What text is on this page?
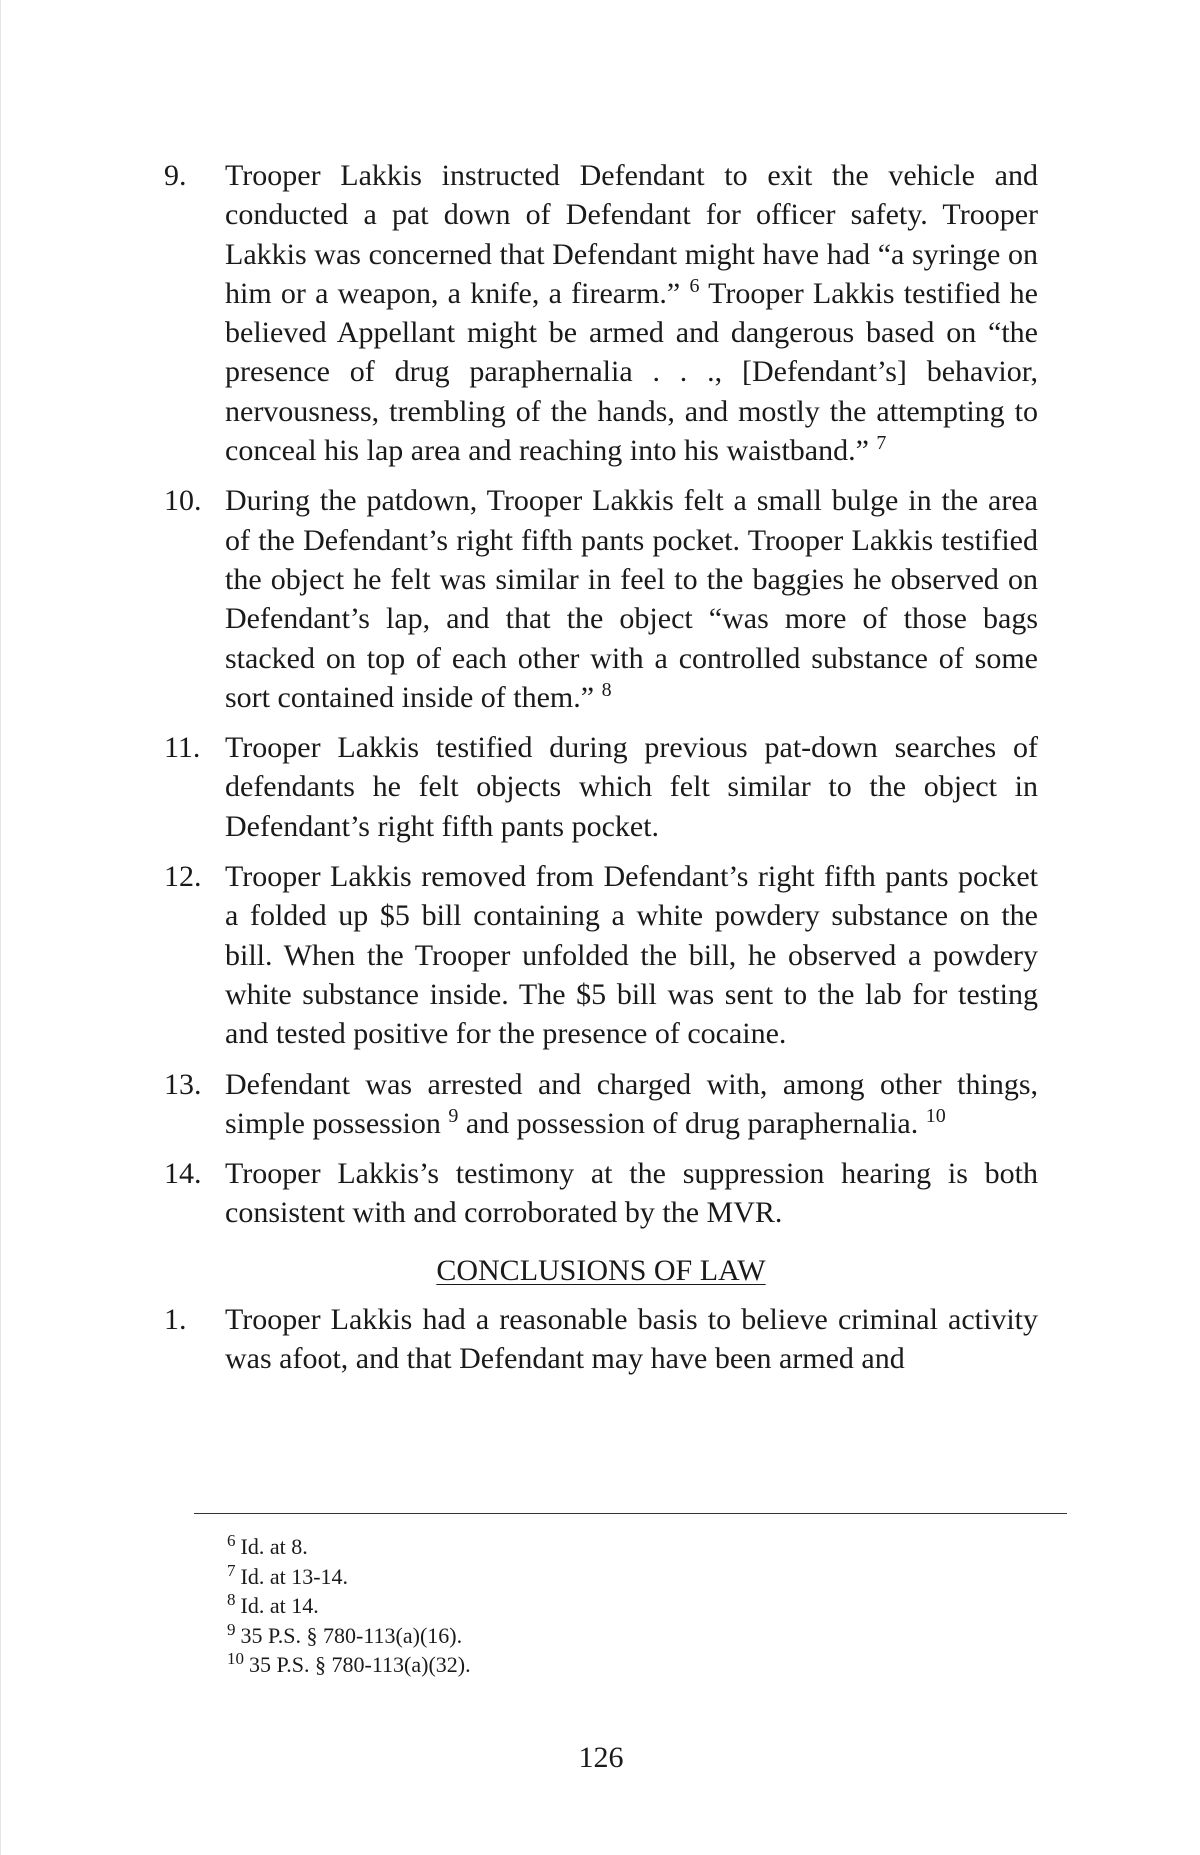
9.	Trooper Lakkis instructed Defendant to exit the vehicle and conducted a pat down of Defendant for officer safety. Trooper Lakkis was concerned that Defendant might have had “a syringe on him or a weapon, a knife, a firearm.” $^6$ Trooper Lakkis testified he believed Appellant might be armed and dangerous based on “the presence of drug paraphernalia . . ., [Defendant’s] behavior, nervousness, trembling of the hands, and mostly the attempting to conceal his lap area and reaching into his waistband.” $^7$
10. During the patdown, Trooper Lakkis felt a small bulge in the area of the Defendant’s right fifth pants pocket. Trooper Lakkis testified the object he felt was similar in feel to the baggies he observed on Defendant’s lap, and that the object “was more of those bags stacked on top of each other with a controlled substance of some sort contained inside of them.” $^8$
11. Trooper Lakkis testified during previous pat-down searches of defendants he felt objects which felt similar to the object in Defendant’s right fifth pants pocket.
12. Trooper Lakkis removed from Defendant’s right fifth pants pocket a folded up $5 bill containing a white powdery substance on the bill. When the Trooper unfolded the bill, he observed a powdery white substance inside. The $5 bill was sent to the lab for testing and tested positive for the presence of cocaine.
13. Defendant was arrested and charged with, among other things, simple possession $^9$ and possession of drug paraphernalia. $^{10}$
14. Trooper Lakkis’s testimony at the suppression hearing is both consistent with and corroborated by the MVR.
CONCLUSIONS OF LAW
1.	Trooper Lakkis had a reasonable basis to believe criminal activity was afoot, and that Defendant may have been armed and
$^6$ Id. at 8.
$^7$ Id. at 13-14.
$^8$ Id. at 14.
$^9$ 35 P.S. § 780-113(a)(16).
$^{10}$ 35 P.S. § 780-113(a)(32).
126
